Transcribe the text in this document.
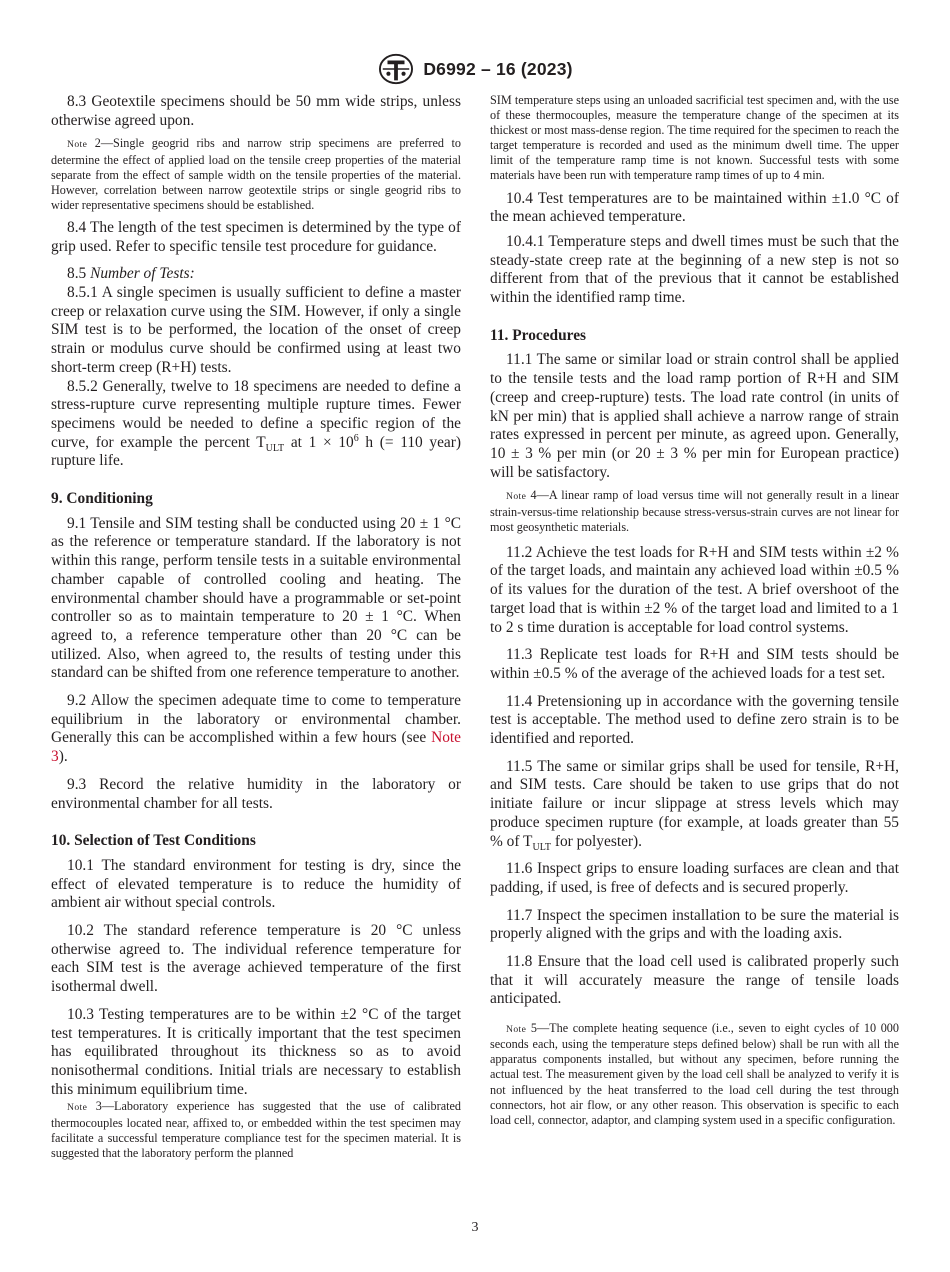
D6992 – 16 (2023)

8.3 Geotextile specimens should be 50 mm wide strips, unless otherwise agreed upon.

Note 2—Single geogrid ribs and narrow strip specimens are preferred to determine the effect of applied load on the tensile creep properties of the material separate from the effect of sample width on the tensile properties of the material. However, correlation between narrow geotextile strips or single geogrid ribs to wider representative specimens should be established.

8.4 The length of the test specimen is determined by the type of grip used. Refer to specific tensile test procedure for guidance.

8.5 Number of Tests:

8.5.1 A single specimen is usually sufficient to define a master creep or relaxation curve using the SIM. However, if only a single SIM test is to be performed, the location of the onset of creep strain or modulus curve should be confirmed using at least two short-term creep (R+H) tests.

8.5.2 Generally, twelve to 18 specimens are needed to define a stress-rupture curve representing multiple rupture times. Fewer specimens would be needed to define a specific region of the curve, for example the percent $T_{ULT}$ at $1 \times 10^6$ h (= 110 year) rupture life.

9. Conditioning

9.1 Tensile and SIM testing shall be conducted using 20 ± 1 °C as the reference or temperature standard. If the laboratory is not within this range, perform tensile tests in a suitable environmental chamber capable of controlled cooling and heating. The environmental chamber should have a programmable or set-point controller so as to maintain temperature to 20 ± 1 °C. When agreed to, a reference temperature other than 20 °C can be utilized. Also, when agreed to, the results of testing under this standard can be shifted from one reference temperature to another.

9.2 Allow the specimen adequate time to come to temperature equilibrium in the laboratory or environmental chamber. Generally this can be accomplished within a few hours (see Note 3).

9.3 Record the relative humidity in the laboratory or environmental chamber for all tests.

10. Selection of Test Conditions

10.1 The standard environment for testing is dry, since the effect of elevated temperature is to reduce the humidity of ambient air without special controls.

10.2 The standard reference temperature is 20 °C unless otherwise agreed to. The individual reference temperature for each SIM test is the average achieved temperature of the first isothermal dwell.

10.3 Testing temperatures are to be within ±2 °C of the target test temperatures. It is critically important that the test specimen has equilibrated throughout its thickness so as to avoid nonisothermal conditions. Initial trials are necessary to establish this minimum equilibrium time.

Note 3—Laboratory experience has suggested that the use of calibrated thermocouples located near, affixed to, or embedded within the test specimen may facilitate a successful temperature compliance test for the specimen material. It is suggested that the laboratory perform the planned

SIM temperature steps using an unloaded sacrificial test specimen and, with the use of these thermocouples, measure the temperature change of the specimen at its thickest or most mass-dense region. The time required for the specimen to reach the target temperature is recorded and used as the minimum dwell time. The upper limit of the temperature ramp time is not known. Successful tests with some materials have been run with temperature ramp times of up to 4 min.

10.4 Test temperatures are to be maintained within ±1.0 °C of the mean achieved temperature.

10.4.1 Temperature steps and dwell times must be such that the steady-state creep rate at the beginning of a new step is not so different from that of the previous that it cannot be established within the identified ramp time.

11. Procedures

11.1 The same or similar load or strain control shall be applied to the tensile tests and the load ramp portion of R+H and SIM (creep and creep-rupture) tests. The load rate control (in units of kN per min) that is applied shall achieve a narrow range of strain rates expressed in percent per minute, as agreed upon. Generally, 10 ± 3 % per min (or 20 ± 3 % per min for European practice) will be satisfactory.

Note 4—A linear ramp of load versus time will not generally result in a linear strain-versus-time relationship because stress-versus-strain curves are not linear for most geosynthetic materials.

11.2 Achieve the test loads for R+H and SIM tests within ±2 % of the target loads, and maintain any achieved load within ±0.5 % of its values for the duration of the test. A brief overshoot of the target load that is within ±2 % of the target load and limited to a 1 to 2 s time duration is acceptable for load control systems.

11.3 Replicate test loads for R+H and SIM tests should be within ±0.5 % of the average of the achieved loads for a test set.

11.4 Pretensioning up in accordance with the governing tensile test is acceptable. The method used to define zero strain is to be identified and reported.

11.5 The same or similar grips shall be used for tensile, R+H, and SIM tests. Care should be taken to use grips that do not initiate failure or incur slippage at stress levels which may produce specimen rupture (for example, at loads greater than 55 % of $T_{ULT}$ for polyester).

11.6 Inspect grips to ensure loading surfaces are clean and that padding, if used, is free of defects and is secured properly.

11.7 Inspect the specimen installation to be sure the material is properly aligned with the grips and with the loading axis.

11.8 Ensure that the load cell used is calibrated properly such that it will accurately measure the range of tensile loads anticipated.

Note 5—The complete heating sequence (i.e., seven to eight cycles of 10 000 seconds each, using the temperature steps defined below) shall be run with all the apparatus components installed, but without any specimen, before running the actual test. The measurement given by the load cell shall be analyzed to verify it is not influenced by the heat transferred to the load cell during the test through connectors, hot air flow, or any other reason. This observation is specific to each load cell, connector, adaptor, and clamping system used in a specific configuration.

3
